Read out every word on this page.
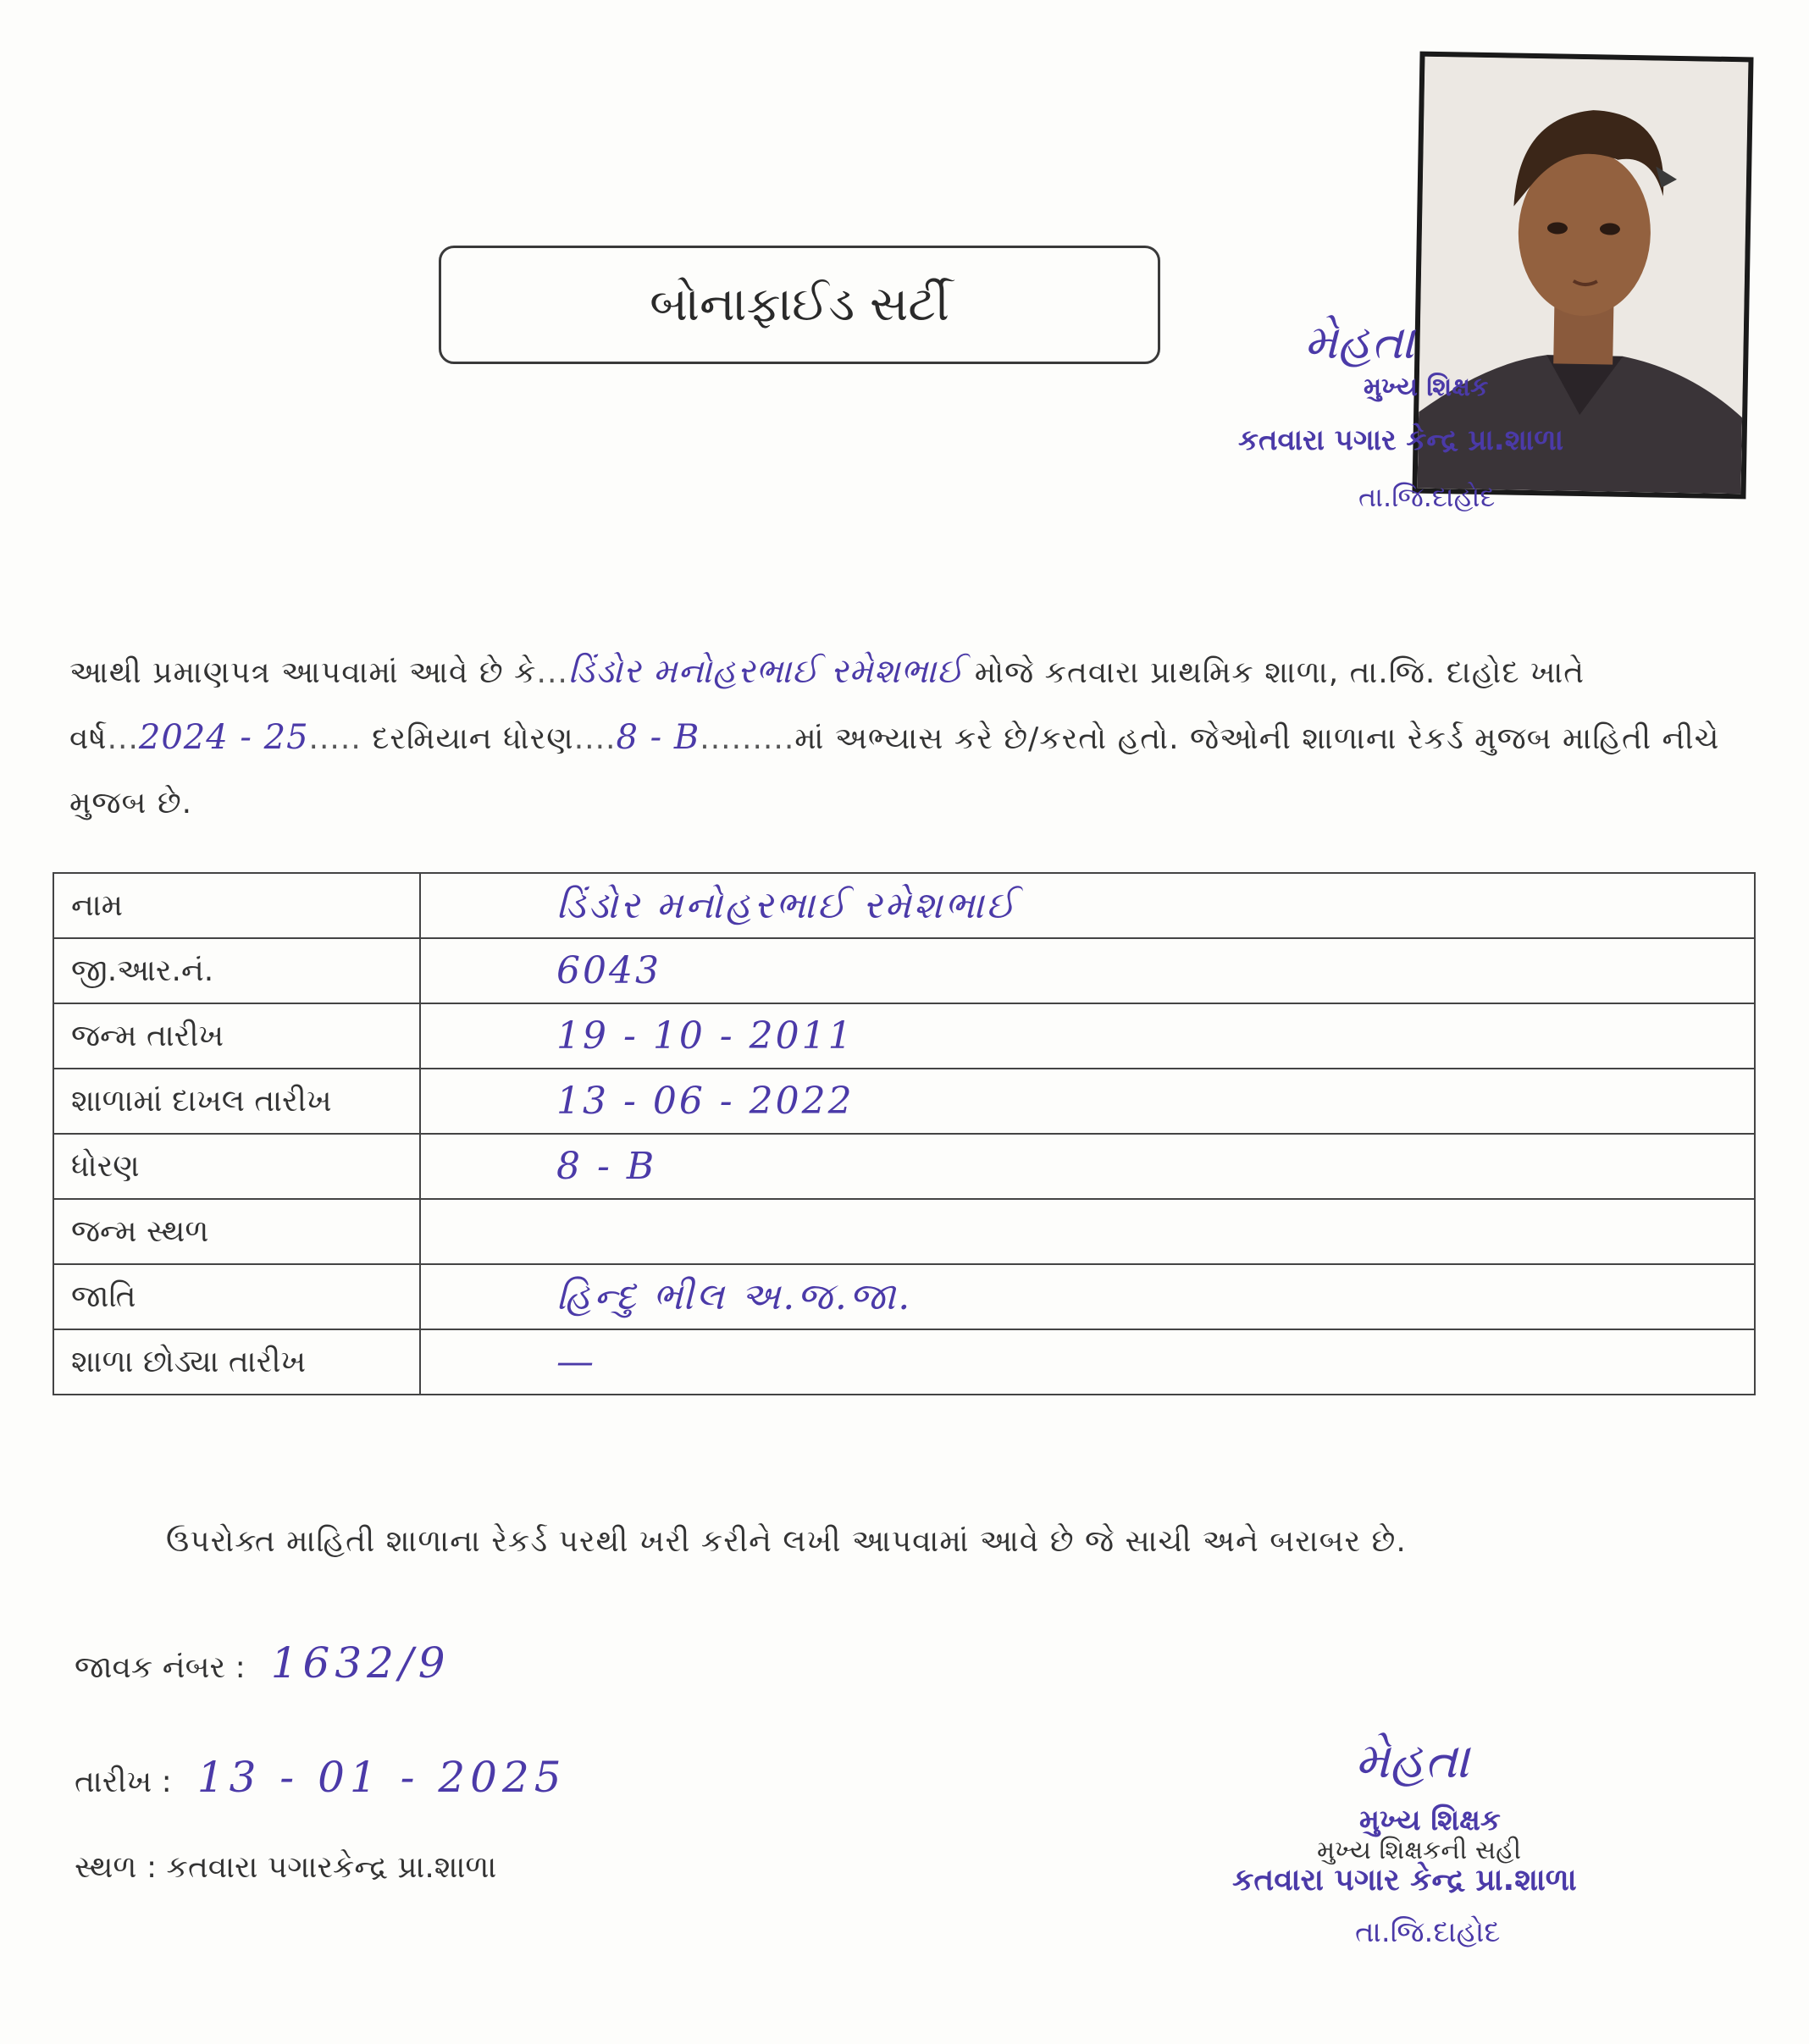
બોનાફાઈડ સર્ટી
મેહતા
મુખ્ય શિક્ષક
કતવારા પગાર કેન્દ્ર પ્રા.શાળા
તા.જિ.દાહોદ
આથી પ્રમાણપત્ર આપવામાં આવે છે કે...ડિંડોર મનોહરભાઈ રમેશભાઈ મોજે કતવારા પ્રાથમિક શાળા, તા.જિ. દાહોદ ખાતે વર્ષ...2024 - 25..... દરમિયાન ધોરણ....8 - B.........માં અભ્યાસ કરે છે/કરતો હતો. જેઓની શાળાના રેકર્ડ મુજબ માહિતી નીચે મુજબ છે.
નામ	ડિંડોર મનોહરભાઈ રમેશભાઈ
જી.આર.નં.	6043
જન્મ તારીખ	19 - 10 - 2011
શાળામાં દાખલ તારીખ	13 - 06 - 2022
ધોરણ	8 - B
જન્મ સ્થળ	
જાતિ	હિન્દુ ભીલ અ.જ.જા.
શાળા છોડ્યા તારીખ	—
ઉપરોક્ત માહિતી શાળાના રેકર્ડ પરથી ખરી કરીને લખી આપવામાં આવે છે જે સાચી અને બરાબર છે.
જાવક નંબર : 1632/9
તારીખ : 13 - 01 - 2025
સ્થળ : કતવારા પગારકેન્દ્ર પ્રા.શાળા
મેહતા
મુખ્ય શિક્ષક
મુખ્ય શિક્ષકની સહી
કતવારા પગાર કેન્દ્ર પ્રા.શાળા
તા.જિ.દાહોદ
